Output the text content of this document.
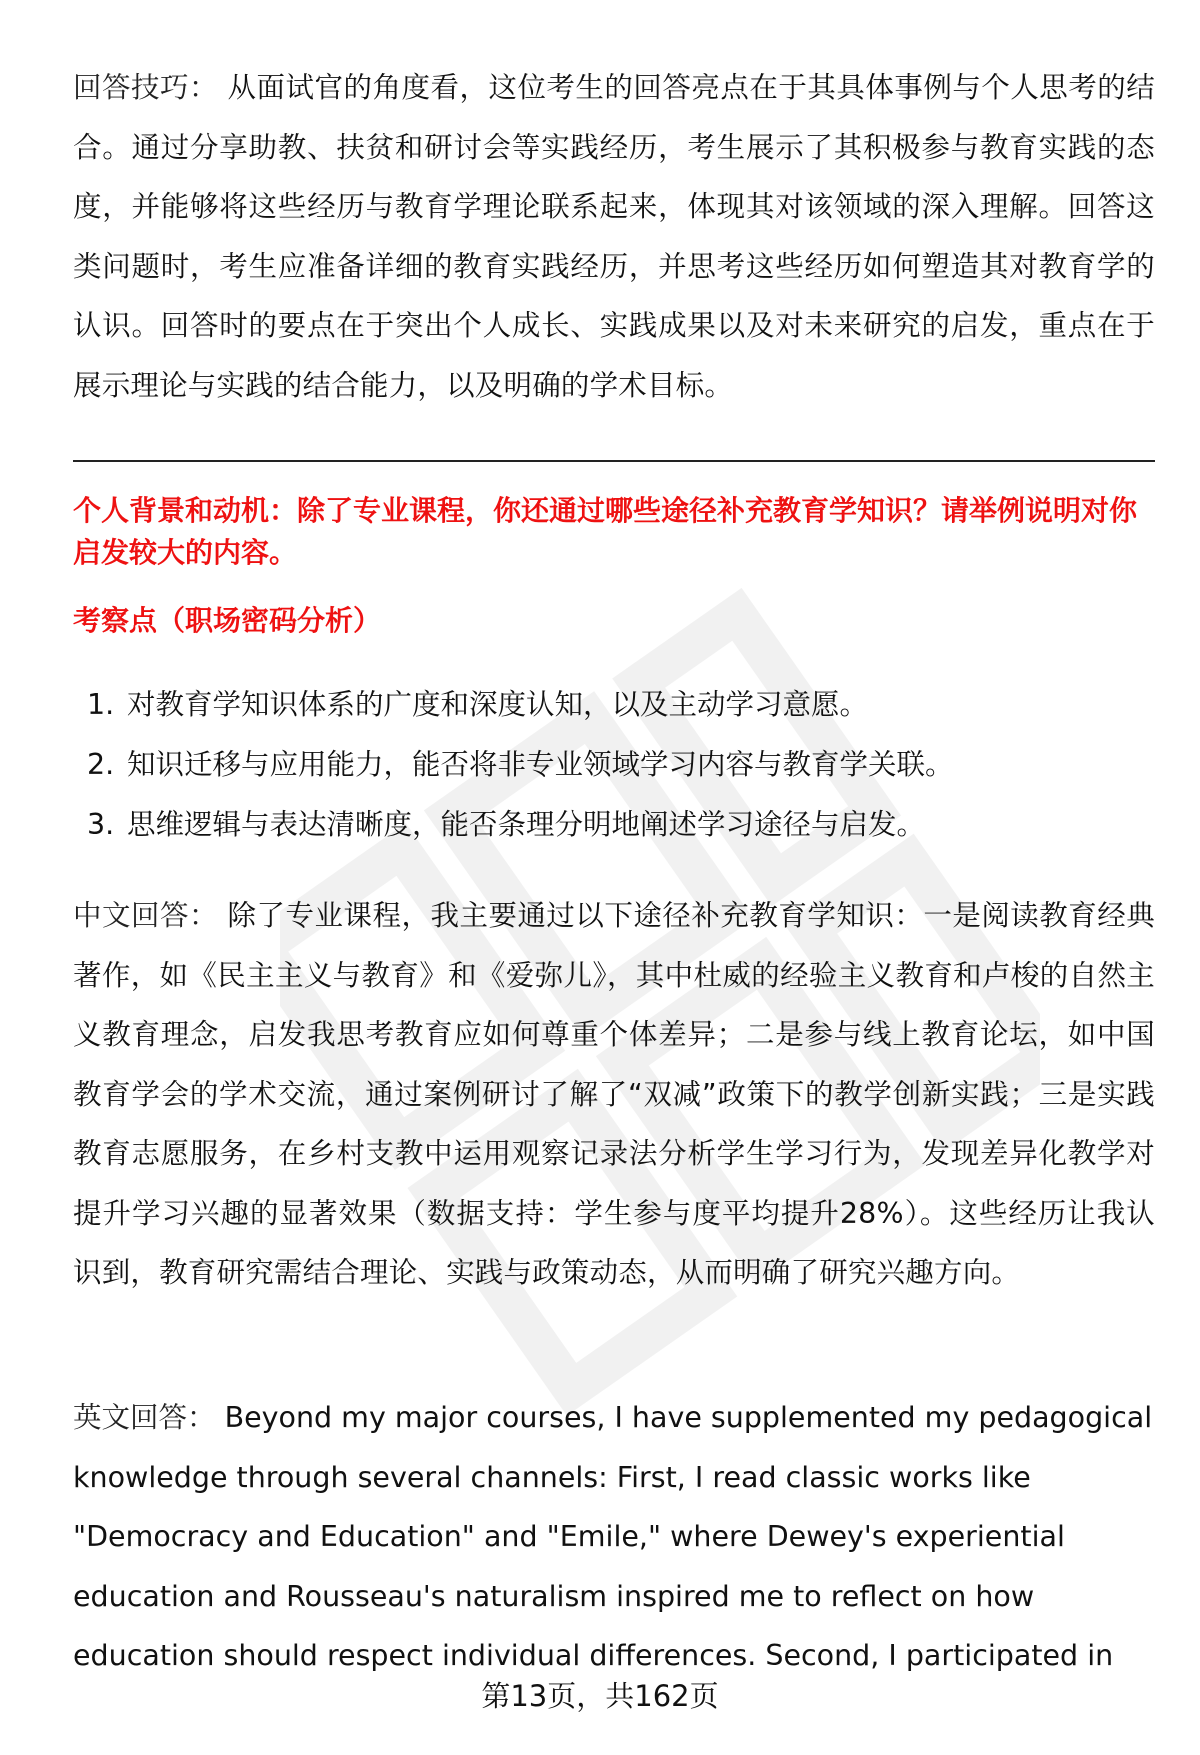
回答技巧： 从面试官的角度看，这位考生的回答亮点在于其具体事例与个人思考的结合。通过分享助教、扶贫和研讨会等实践经历，考生展示了其积极参与教育实践的态度，并能够将这些经历与教育学理论联系起来，体现其对该领域的深入理解。回答这类问题时，考生应准备详细的教育实践经历，并思考这些经历如何塑造其对教育学的认识。回答时的要点在于突出个人成长、实践成果以及对未来研究的启发，重点在于展示理论与实践的结合能力，以及明确的学术目标。

个人背景和动机：除了专业课程，你还通过哪些途径补充教育学知识？请举例说明对你启发较大的内容。

考察点（职场密码分析）

1. 对教育学知识体系的广度和深度认知，以及主动学习意愿。
2. 知识迁移与应用能力，能否将非专业领域学习内容与教育学关联。
3. 思维逻辑与表达清晰度，能否条理分明地阐述学习途径与启发。

中文回答： 除了专业课程，我主要通过以下途径补充教育学知识：一是阅读教育经典著作，如《民主主义与教育》和《爱弥儿》，其中杜威的经验主义教育和卢梭的自然主义教育理念，启发我思考教育应如何尊重个体差异；二是参与线上教育论坛，如中国教育学会的学术交流，通过案例研讨了解了“双减”政策下的教学创新实践；三是实践教育志愿服务，在乡村支教中运用观察记录法分析学生学习行为，发现差异化教学对提升学习兴趣的显著效果（数据支持：学生参与度平均提升28%）。这些经历让我认识到，教育研究需结合理论、实践与政策动态，从而明确了研究兴趣方向。

英文回答： Beyond my major courses, I have supplemented my pedagogical knowledge through several channels: First, I read classic works like "Democracy and Education" and "Emile," where Dewey's experiential education and Rousseau's naturalism inspired me to reflect on how education should respect individual differences. Second, I participated in

第13页，共162页
